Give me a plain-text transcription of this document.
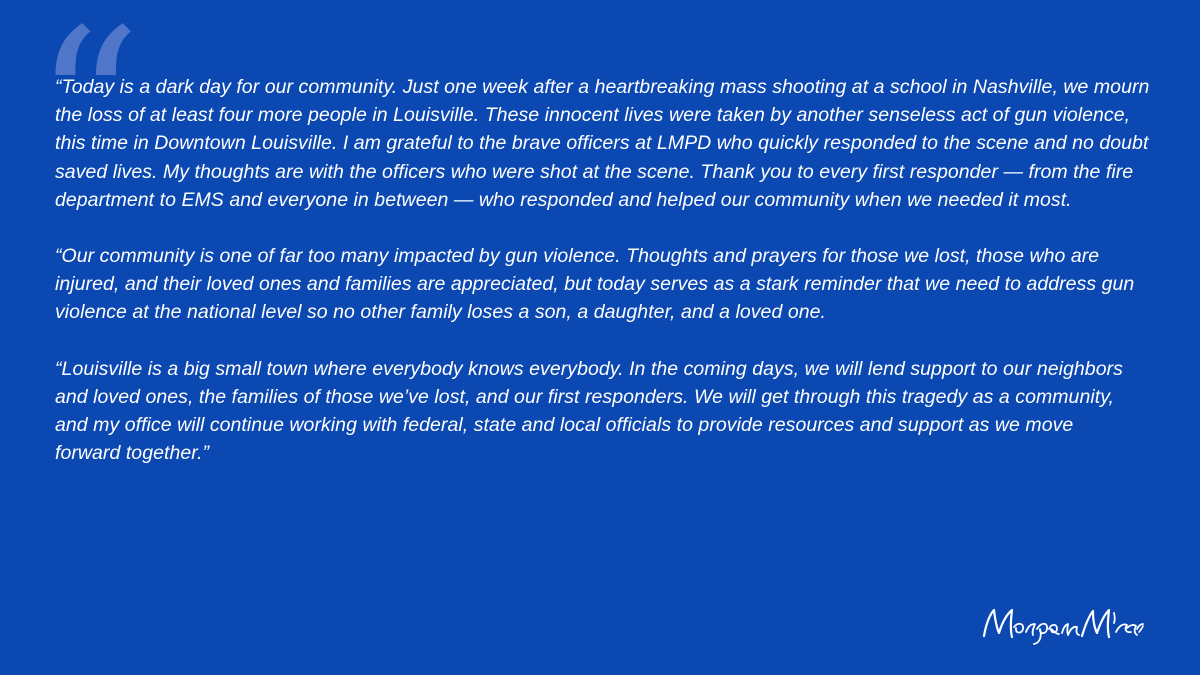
“

“Today is a dark day for our community. Just one week after a heartbreaking mass shooting at a school in Nashville, we mourn the loss of at least four more people in Louisville. These innocent lives were taken by another senseless act of gun violence, this time in Downtown Louisville. I am grateful to the brave officers at LMPD who quickly responded to the scene and no doubt saved lives. My thoughts are with the officers who were shot at the scene. Thank you to every first responder — from the fire department to EMS and everyone in between — who responded and helped our community when we needed it most.

“Our community is one of far too many impacted by gun violence. Thoughts and prayers for those we lost, those who are injured, and their loved ones and families are appreciated, but today serves as a stark reminder that we need to address gun violence at the national level so no other family loses a son, a daughter, and a loved one.

“Louisville is a big small town where everybody knows everybody. In the coming days, we will lend support to our neighbors and loved ones, the families of those we’ve lost, and our first responders. We will get through this tragedy as a community, and my office will continue working with federal, state and local officials to provide resources and support as we move forward together.”
